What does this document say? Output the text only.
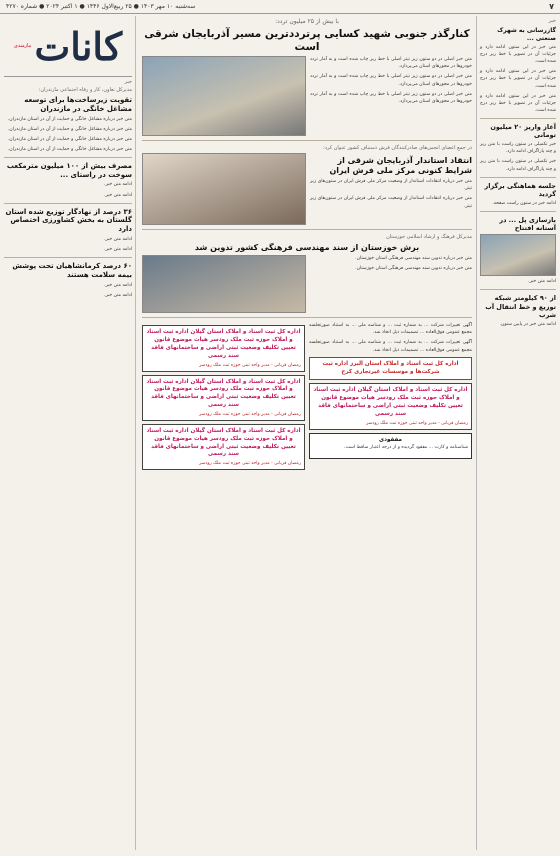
۷
سه‌شنبه ۱۰ مهر ۱۴۰۳ ● ۲۵ ربیع‌الاول ۱۴۴۶ ● ۱ اکتبر ۲۰۲۴ ● شماره ۴۲۷۰
خبر
گازرسانی به شهرک صنعتی ...

متن خبر در این ستون ادامه دارد و جزئیات آن در تصویر با خط ریز درج شده است.

متن خبر در این ستون ادامه دارد و جزئیات آن در تصویر با خط ریز درج شده است.

متن خبر در این ستون ادامه دارد و جزئیات آن در تصویر با خط ریز درج شده است.

آغاز واریز ۲۰ میلیون تومانی

خبر تکمیلی در ستون راست با متن ریز و چند پاراگراف ادامه دارد.

خبر تکمیلی در ستون راست با متن ریز و چند پاراگراف ادامه دارد.

جلسه هماهنگی برگزار گردید

ادامه خبر در ستون راست صفحه.

بازسازی پل ... در آستانه افتتاح

ادامه متن خبر.

از ۹۰ کیلومتر شبکه توزیع و خط انتقال آب شرب

ادامه متن خبر در پایین ستون.

با بیش از ۲۵ میلیون تردد:
کنارگذر جنوبی شهید کسایی پرترددترین مسیر آذربایجان شرقی است

متن خبر اصلی در دو ستون زیر تیتر اصلی با خط ریز چاپ شده است و به آمار تردد خودروها در محورهای استان می‌پردازد.

متن خبر اصلی در دو ستون زیر تیتر اصلی با خط ریز چاپ شده است و به آمار تردد خودروها در محورهای استان می‌پردازد.

متن خبر اصلی در دو ستون زیر تیتر اصلی با خط ریز چاپ شده است و به آمار تردد خودروها در محورهای استان می‌پردازد.

در جمع اعضای انجمن‌های صادرکنندگان فرش دستباف کشور عنوان کرد:
انتقاد استاندار آذربایجان شرقی از شرایط کنونی مرکز ملی فرش ایران

متن خبر درباره انتقادات استاندار از وضعیت مرکز ملی فرش ایران در ستون‌های زیر تیتر.

متن خبر درباره انتقادات استاندار از وضعیت مرکز ملی فرش ایران در ستون‌های زیر تیتر.

مدیرکل فرهنگ و ارشاد اسلامی خوزستان
برش خوزستان از سند مهندسی فرهنگی کشور تدوین شد

متن خبر درباره تدوین سند مهندسی فرهنگی استان خوزستان.

متن خبر درباره تدوین سند مهندسی فرهنگی استان خوزستان.

آگهی تغییرات شرکت ... به شماره ثبت ... و شناسه ملی ... به استناد صورتجلسه مجمع عمومی فوق‌العاده ... تصمیمات ذیل اتخاذ شد.

آگهی تغییرات شرکت ... به شماره ثبت ... و شناسه ملی ... به استناد صورتجلسه مجمع عمومی فوق‌العاده ... تصمیمات ذیل اتخاذ شد.

اداره کل ثبت اسناد و املاک استان البرز اداره ثبت شرکت‌ها و موسسات غیرتجاری کرج
اداره کل ثبت اسناد و املاک استان گیلان اداره ثبت اسناد و املاک حوزه ثبت ملک رودسر هیات موضوع قانون تعیین تکلیف وضعیت ثبتی اراضی و ساختمانهای فاقد سند رسمی
رمضان قربانی - مدیر واحد ثبتی حوزه ثبت ملک رودسر
مفقودی

شناسنامه و کارت ... مفقود گردیده و از درجه اعتبار ساقط است.

اداره کل ثبت اسناد و املاک استان گیلان اداره ثبت اسناد و املاک حوزه ثبت ملک رودسر هیات موضوع قانون تعیین تکلیف وضعیت ثبتی اراضی و ساختمانهای فاقد سند رسمی
رمضان قربانی - مدیر واحد ثبتی حوزه ثبت ملک رودسر
اداره کل ثبت اسناد و املاک استان گیلان اداره ثبت اسناد و املاک حوزه ثبت ملک رودسر هیات موضوع قانون تعیین تکلیف وضعیت ثبتی اراضی و ساختمانهای فاقد سند رسمی
رمضان قربانی - مدیر واحد ثبتی حوزه ثبت ملک رودسر
اداره کل ثبت اسناد و املاک استان گیلان اداره ثبت اسناد و املاک حوزه ثبت ملک رودسر هیات موضوع قانون تعیین تکلیف وضعیت ثبتی اراضی و ساختمانهای فاقد سند رسمی
رمضان قربانی - مدیر واحد ثبتی حوزه ثبت ملک رودسر
کانات
نیازمندی
خبر
مدیرکل تعاون، کار و رفاه اجتماعی مازندران:
تقویت زیرساخت‌ها برای توسعه مشاغل خانگی در مازندران

متن خبر درباره مشاغل خانگی و حمایت از آن در استان مازندران.

متن خبر درباره مشاغل خانگی و حمایت از آن در استان مازندران.

متن خبر درباره مشاغل خانگی و حمایت از آن در استان مازندران.

متن خبر درباره مشاغل خانگی و حمایت از آن در استان مازندران.

مصرف بیش از ۱۰۰ میلیون مترمکعب سوخت در راستای ...

ادامه متن خبر.

ادامه متن خبر.

۳۶ درصد از نهادگار توزیع شده استان گلستان به بخش کشاورزی اختصاص دارد

ادامه متن خبر.

ادامه متن خبر.

۶۰ درصد کرمانشاهیان تحت پوشش بیمه سلامت هستند

ادامه متن خبر.

ادامه متن خبر.
